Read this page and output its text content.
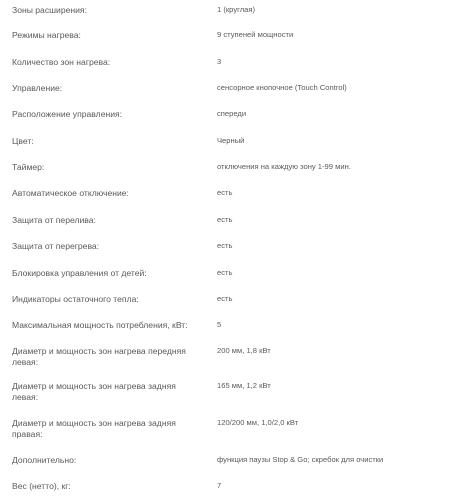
Зоны расширения:	1 (круглая)
Режимы нагрева:	9 ступеней мощности
Количество зон нагрева:	3
Управление:	сенсорное кнопочное (Touch Control)
Расположение управления:	спереди
Цвет:	Черный
Таймер:	отключения на каждую зону 1-99 мин.
Автоматическое отключение:	есть
Защита от перелива:	есть
Защита от перегрева:	есть
Блокировка управления от детей:	есть
Индикаторы остаточного тепла:	есть
Максимальная мощность потребления, кВт:	5
Диаметр и мощность зон нагрева передняя левая:
200 мм, 1,8 кВт
Диаметр и мощность зон нагрева задняя левая:
165 мм, 1,2 кВт
Диаметр и мощность зон нагрева задняя правая:
120/200 мм, 1,0/2,0 кВт
Дополнительно:	функция паузы Stop & Go; скребок для очистки
Вес (нетто), кг:	7
